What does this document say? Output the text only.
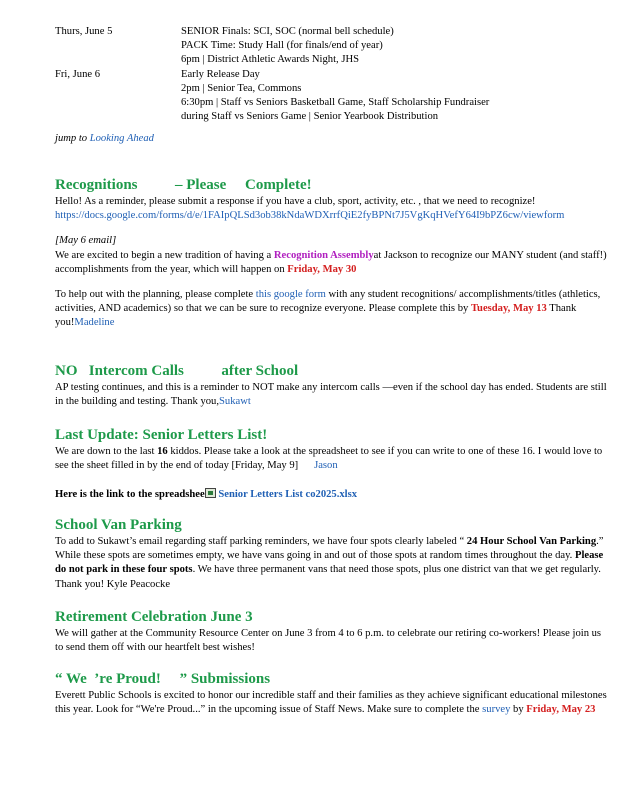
Thurs, June 5	SENIOR Finals: SCI, SOC (normal bell schedule)
PACK Time: Study Hall (for finals/end of year)
6pm | District Athletic Awards Night, JHS
Fri, June 6	Early Release Day
2pm | Senior Tea, Commons
6:30pm | Staff vs Seniors Basketball Game, Staff Scholarship Fundraiser
during Staff vs Seniors Game | Senior Yearbook Distribution
jump to Looking Ahead
Recognitions          – Please     Complete!

Hello! As a reminder, please submit a response if you have a club, sport, activity, etc. , that we need to recognize!

https://docs.google.com/forms/d/e/1FAIpQLSd3ob38kNdaWDXrrfQiE2fyBPNt7J5VgKqHVefY64I9bPZ6cw/viewform

[May 6 email]

We are excited to begin a new tradition of having a Recognition Assemblyat Jackson to recognize our MANY student (and staff!) accomplishments from the year, which will happen on Friday, May 30

To help out with the planning, please complete this google form with any student recognitions/ accomplishments/titles (athletics, activities, AND academics) so that we can be sure to recognize everyone. Please complete this by Tuesday, May 13 Thank you!Madeline

NO   Intercom Calls          after School

AP testing continues, and this is a reminder to NOT make any intercom calls —even if the school day has ended. Students are still in the building and testing. Thank you,Sukawt

Last Update: Senior Letters List!

We are down to the last 16 kiddos. Please take a look at the spreadsheet to see if you can write to one of these 16. I would love to see the sheet filled in by the end of today [Friday, May 9] Jason

Here is the link to the spreadshee Senior Letters List co2025.xlsx

School Van Parking

To add to Sukawt’s email regarding staff parking reminders, we have four spots clearly labeled “ 24 Hour School Van Parking.” While these spots are sometimes empty, we have vans going in and out of those spots at random times throughout the day. Please do not park in these four spots. We have three permanent vans that need those spots, plus one district van that we get regularly. Thank you! Kyle Peacocke

Retirement Celebration June 3

We will gather at the Community Resource Center on June 3 from 4 to 6 p.m. to celebrate our retiring co-workers! Please join us to send them off with our heartfelt best wishes!

“ We  ’re Proud!     ” Submissions

Everett Public Schools is excited to honor our incredible staff and their families as they achieve significant educational milestones this year. Look for “We're Proud...” in the upcoming issue of Staff News. Make sure to complete the survey by Friday, May 23
